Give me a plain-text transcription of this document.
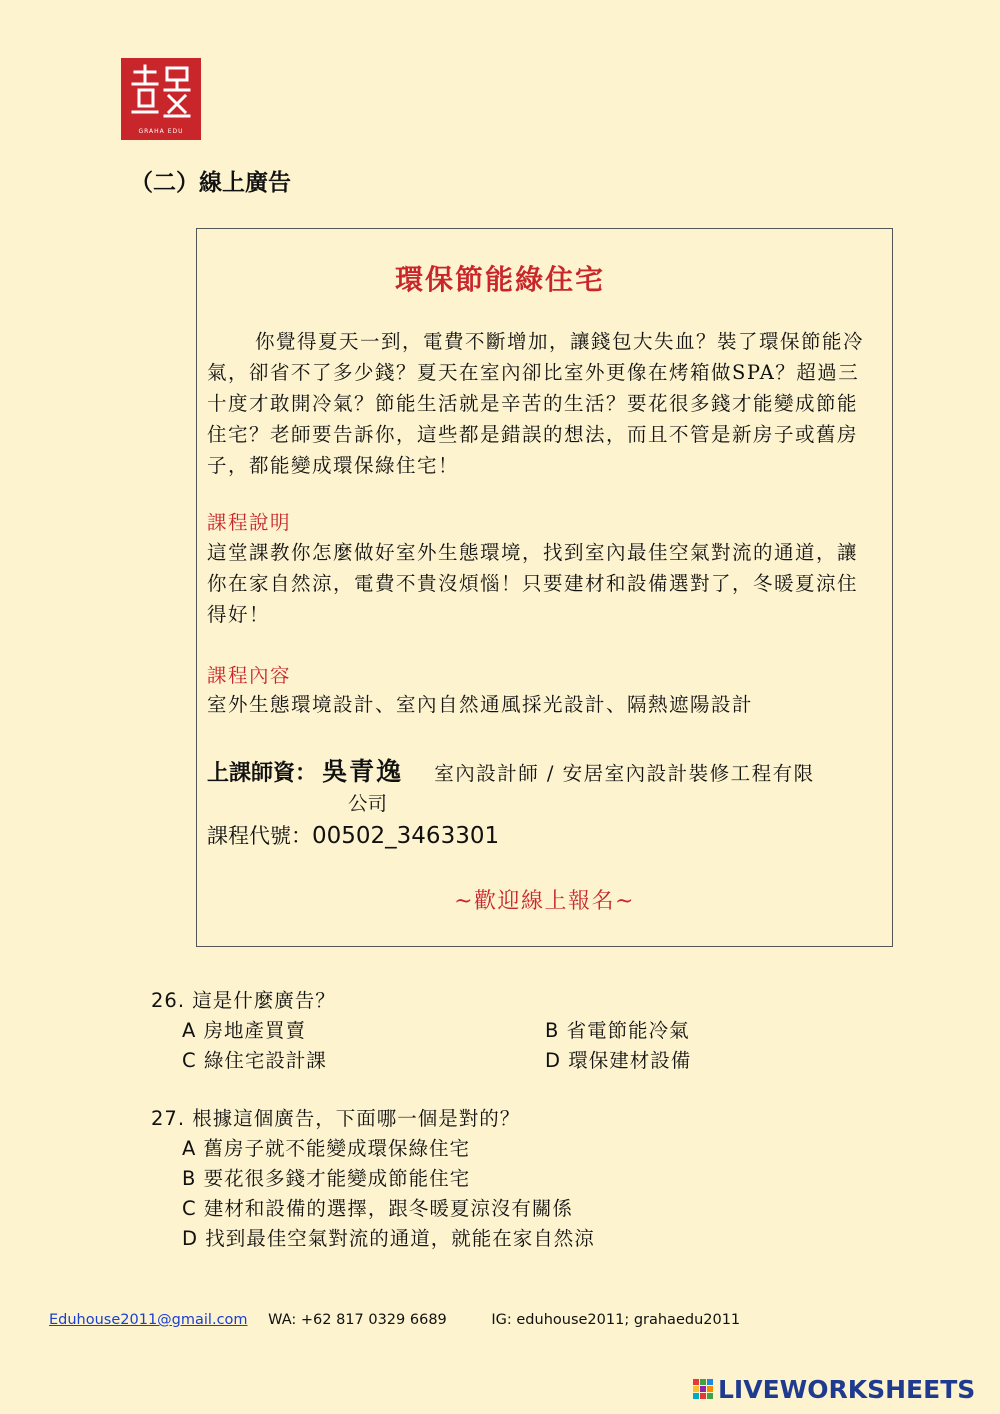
GRAHA EDU
（二）線上廣告
環保節能綠住宅

你覺得夏天一到，電費不斷增加，讓錢包大失血？裝了環保節能冷氣，卻省不了多少錢？夏天在室內卻比室外更像在烤箱做SPA？超過三十度才敢開冷氣？節能生活就是辛苦的生活？要花很多錢才能變成節能住宅？老師要告訴你，這些都是錯誤的想法，而且不管是新房子或舊房子，都能變成環保綠住宅！

課程說明

這堂課教你怎麼做好室外生態環境，找到室內最佳空氣對流的通道，讓你在家自然涼，電費不貴沒煩惱！只要建材和設備選對了，冬暖夏涼住得好！

課程內容

室外生態環境設計、室內自然通風採光設計、隔熱遮陽設計

上課師資： 吳青逸 室內設計師 / 安居室內設計裝修工程有限
公司
課程代號：00502_3463301
~歡迎線上報名~
26. 這是什麼廣告？
A 房地產買賣	B 省電節能冷氣
C 綠住宅設計課	D 環保建材設備
27. 根據這個廣告，下面哪一個是對的？
A 舊房子就不能變成環保綠住宅
B 要花很多錢才能變成節能住宅
C 建材和設備的選擇，跟冬暖夏涼沒有關係
D 找到最佳空氣對流的通道，就能在家自然涼
Eduhouse2011@gmail.com WA: +62 817 0329 6689	IG: eduhouse2011; grahaedu2011
LIVEWORKSHEETS
